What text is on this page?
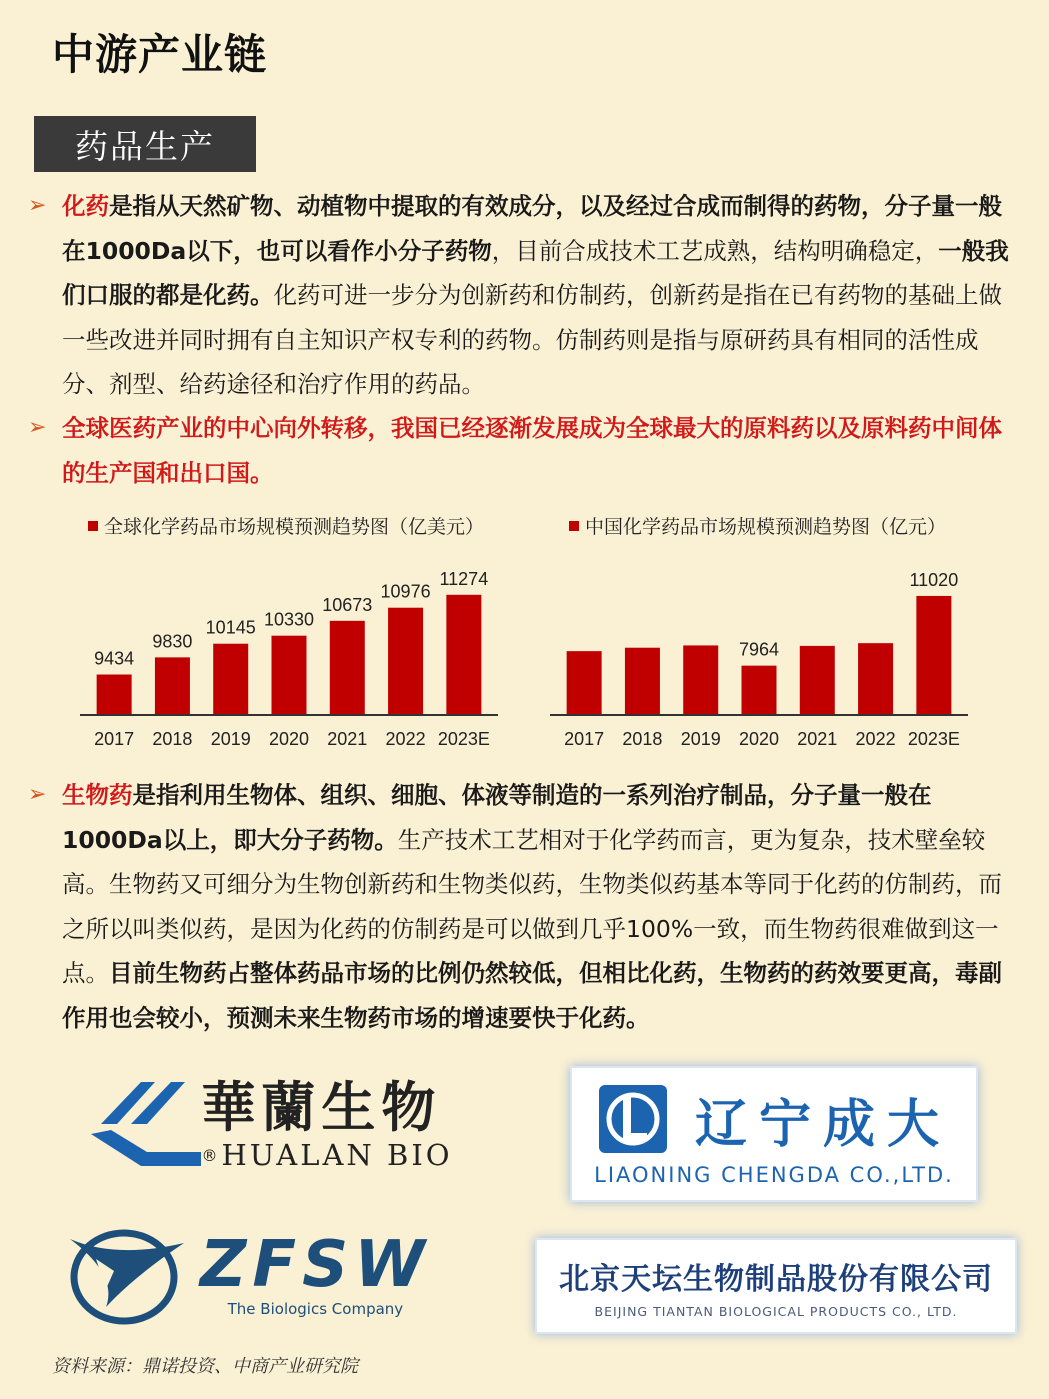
中游产业链
药品生产
➢ 化药是指从天然矿物、动植物中提取的有效成分，以及经过合成而制得的药物，分子量一般在1000Da以下，也可以看作小分子药物，目前合成技术工艺成熟，结构明确稳定，一般我们口服的都是化药。化药可进一步分为创新药和仿制药，创新药是指在已有药物的基础上做一些改进并同时拥有自主知识产权专利的药物。仿制药则是指与原研药具有相同的活性成分、剂型、给药途径和治疗作用的药品。
➢ 全球医药产业的中心向外转移，我国已经逐渐发展成为全球最大的原料药以及原料药中间体的生产国和出口国。
全球化学药品市场规模预测趋势图（亿美元）	中国化学药品市场规模预测趋势图（亿元）
9434
2017
9830
2018
10145
2019
10330
2020
10673
2021
10976
2022
11274
2023E	2017 2018 2019
7964
2020 2021 2022
11020
2023E
➢ 生物药是指利用生物体、组织、细胞、体液等制造的一系列治疗制品，分子量一般在1000Da以上，即大分子药物。生产技术工艺相对于化学药而言，更为复杂，技术壁垒较高。生物药又可细分为生物创新药和生物类似药，生物类似药基本等同于化药的仿制药，而之所以叫类似药，是因为化药的仿制药是可以做到几乎100%一致，而生物药很难做到这一点。目前生物药占整体药品市场的比例仍然较低，但相比化药，生物药的药效要更高，毒副作用也会较小，预测未来生物药市场的增速要快于化药。
華蘭生物
® HUALAN BIO
辽宁成大
LIAONING CHENGDA CO.,LTD.
ZFSW
The Biologics Company
北京天坛生物制品股份有限公司
BEIJING TIANTAN BIOLOGICAL PRODUCTS CO., LTD.
资料来源：鼎诺投资、中商产业研究院
